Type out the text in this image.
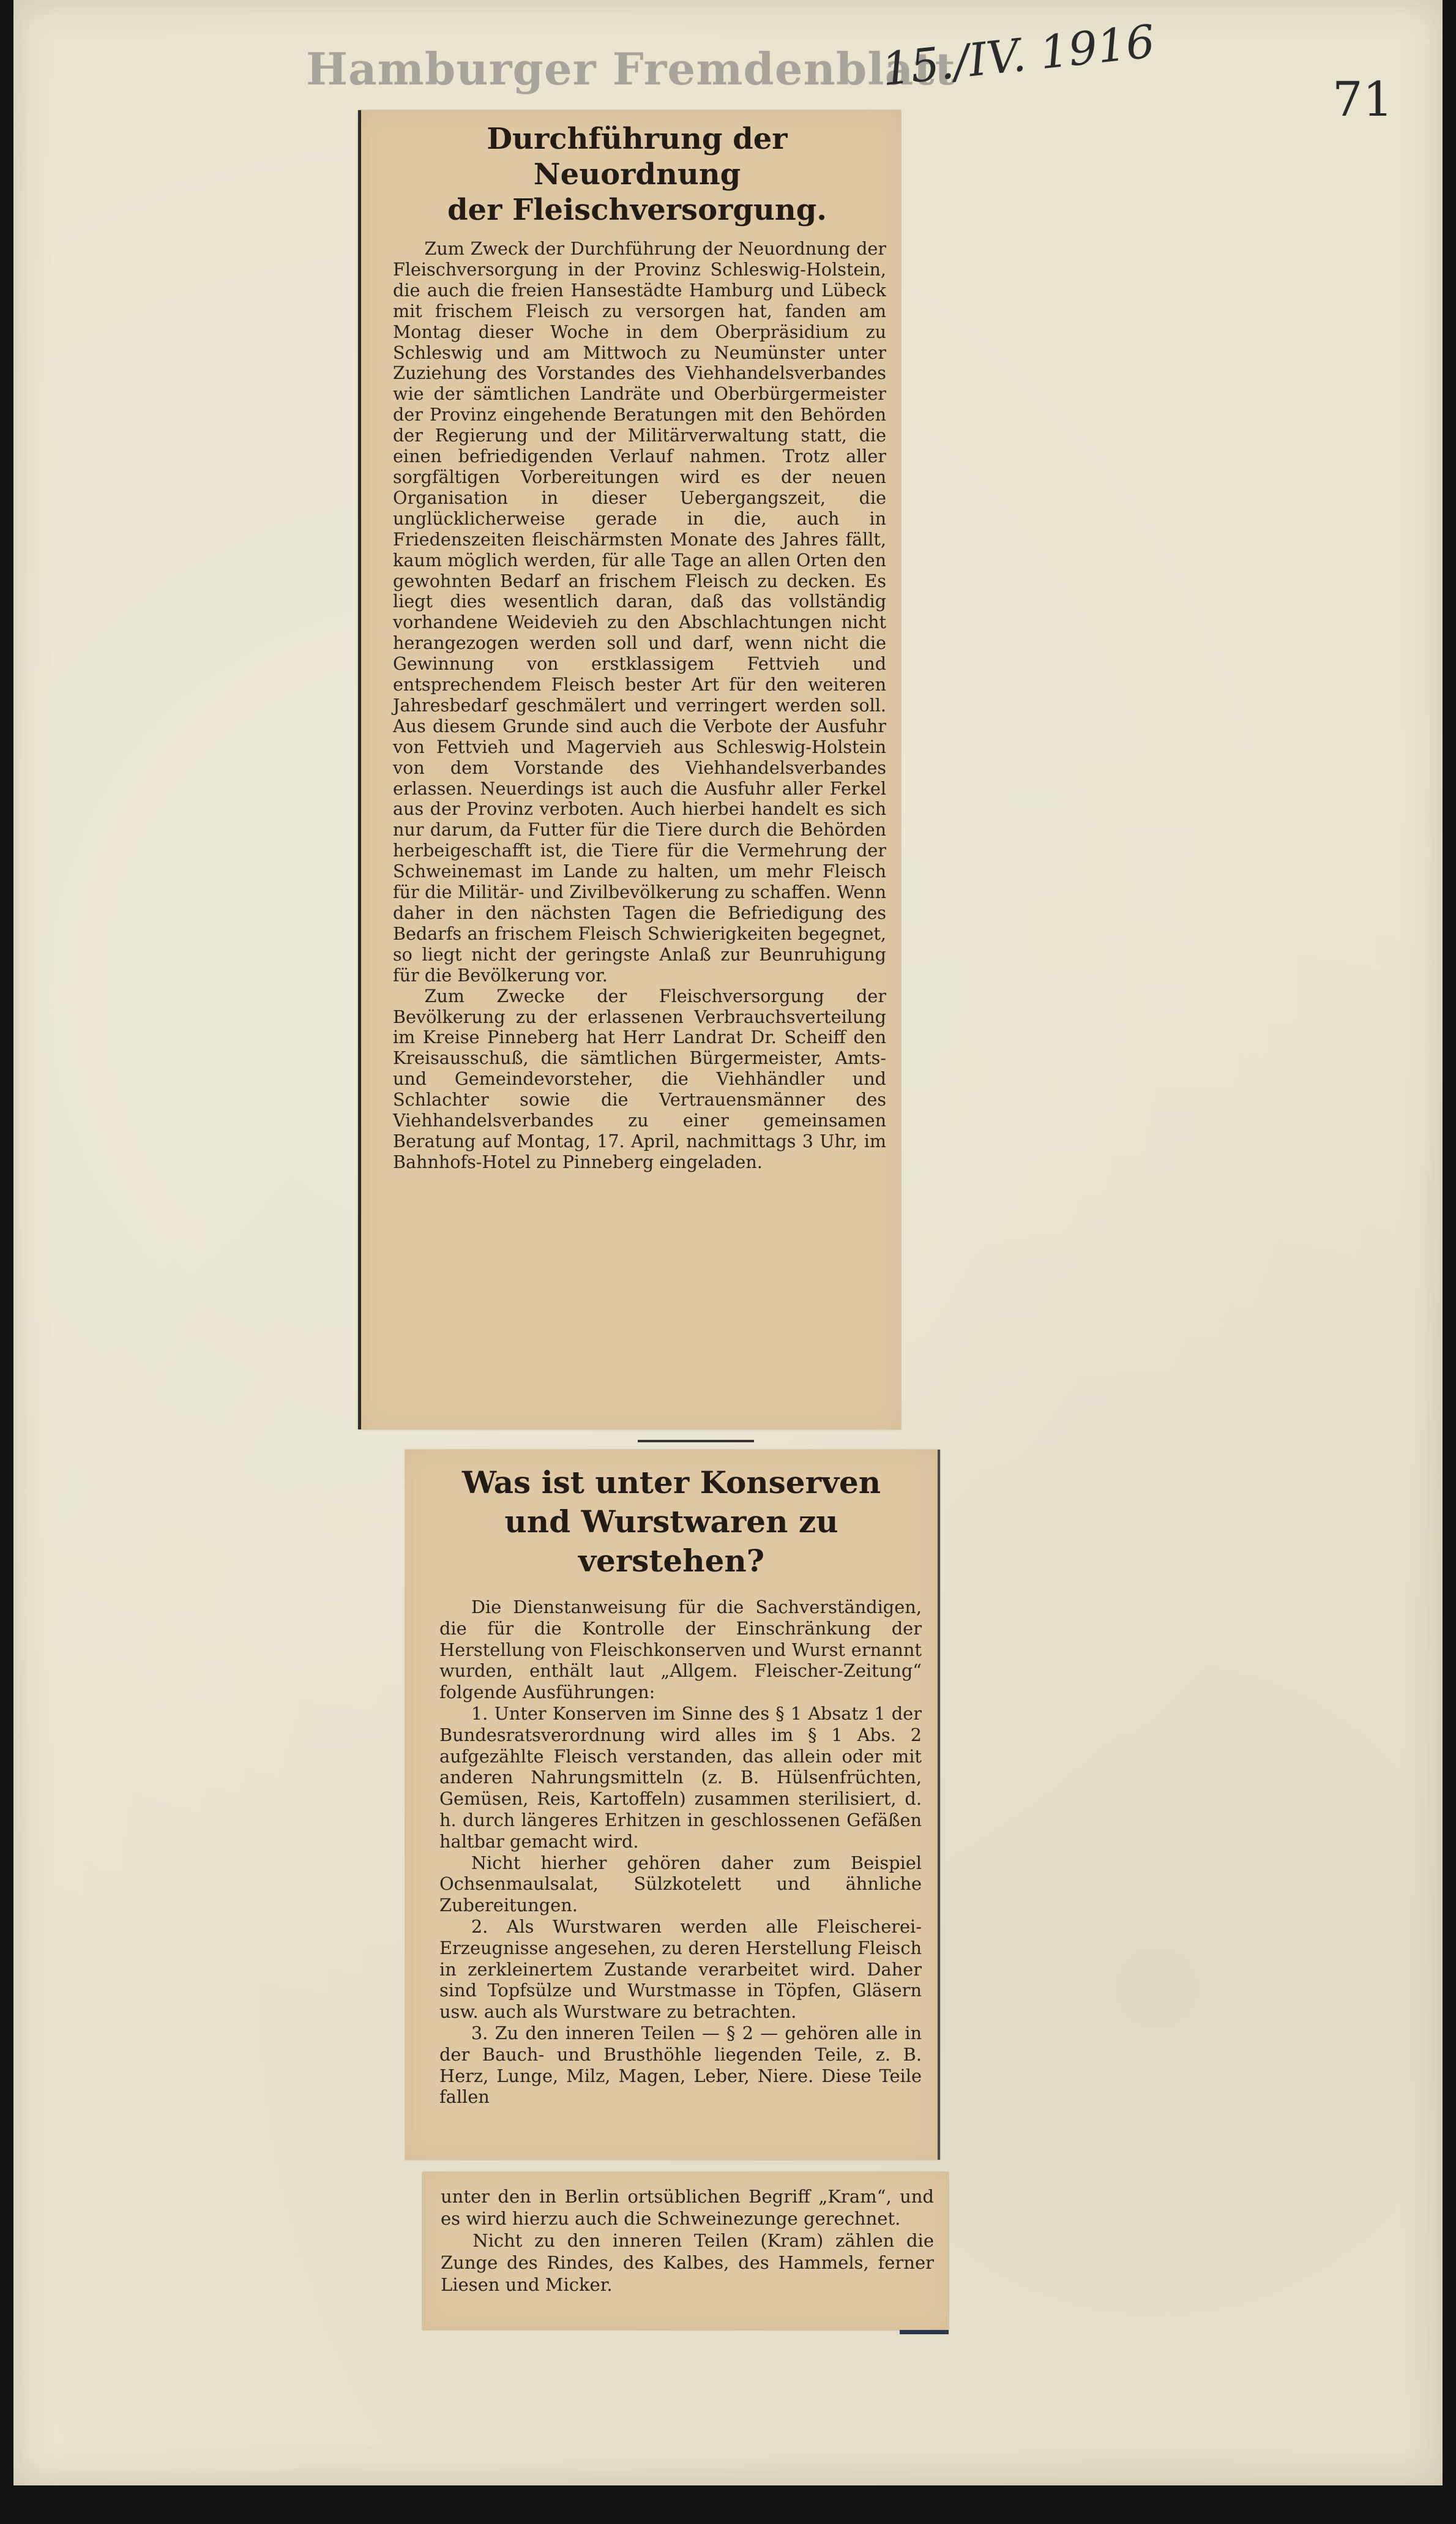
Hamburger Fremdenblatt
15./IV. 1916
71
Durchführung der Neuordnung
der Fleischversorgung.

Zum Zweck der Durchführung der Neuordnung der Fleischversorgung in der Provinz Schleswig-Holstein, die auch die freien Hansestädte Hamburg und Lübeck mit frischem Fleisch zu versorgen hat, fanden am Montag dieser Woche in dem Oberpräsidium zu Schleswig und am Mittwoch zu Neumünster unter Zuziehung des Vorstandes des Viehhandelsverbandes wie der sämtlichen Landräte und Oberbürgermeister der Provinz eingehende Beratungen mit den Behörden der Regierung und der Militärverwaltung statt, die einen befriedigenden Verlauf nahmen. Trotz aller sorgfältigen Vorbereitungen wird es der neuen Organisation in dieser Uebergangszeit, die unglücklicherweise gerade in die, auch in Friedenszeiten fleischärmsten Monate des Jahres fällt, kaum möglich werden, für alle Tage an allen Orten den gewohnten Bedarf an frischem Fleisch zu decken. Es liegt dies wesentlich daran, daß das vollständig vorhandene Weidevieh zu den Abschlachtungen nicht herangezogen werden soll und darf, wenn nicht die Gewinnung von erstklassigem Fettvieh und entsprechendem Fleisch bester Art für den weiteren Jahresbedarf geschmälert und verringert werden soll. Aus diesem Grunde sind auch die Verbote der Ausfuhr von Fettvieh und Magervieh aus Schleswig-Holstein von dem Vorstande des Viehhandelsverbandes erlassen. Neuerdings ist auch die Ausfuhr aller Ferkel aus der Provinz verboten. Auch hierbei handelt es sich nur darum, da Futter für die Tiere durch die Behörden herbeigeschafft ist, die Tiere für die Vermehrung der Schweinemast im Lande zu halten, um mehr Fleisch für die Militär- und Zivilbevölkerung zu schaffen. Wenn daher in den nächsten Tagen die Befriedigung des Bedarfs an frischem Fleisch Schwierigkeiten begegnet, so liegt nicht der geringste Anlaß zur Beunruhigung für die Bevölkerung vor.

Zum Zwecke der Fleischversorgung der Bevölkerung zu der erlassenen Verbrauchsverteilung im Kreise Pinneberg hat Herr Landrat Dr. Scheiff den Kreisausschuß, die sämtlichen Bürgermeister, Amts- und Gemeindevorsteher, die Viehhändler und Schlachter sowie die Vertrauensmänner des Viehhandelsverbandes zu einer gemeinsamen Beratung auf Montag, 17. April, nachmittags 3 Uhr, im Bahnhofs-Hotel zu Pinneberg eingeladen.

Was ist unter Konserven
und Wurstwaren zu verstehen?

Die Dienstanweisung für die Sachverständigen, die für die Kontrolle der Einschränkung der Herstellung von Fleischkonserven und Wurst ernannt wurden, enthält laut „Allgem. Fleischer-Zeitung“ folgende Ausführungen:

1. Unter Konserven im Sinne des § 1 Absatz 1 der Bundesratsverordnung wird alles im § 1 Abs. 2 aufgezählte Fleisch verstanden, das allein oder mit anderen Nahrungsmitteln (z. B. Hülsenfrüchten, Gemüsen, Reis, Kartoffeln) zusammen sterilisiert, d. h. durch längeres Erhitzen in geschlossenen Gefäßen haltbar gemacht wird.

Nicht hierher gehören daher zum Beispiel Ochsenmaulsalat, Sülzkotelett und ähnliche Zubereitungen.

2. Als Wurstwaren werden alle Fleischerei-Erzeugnisse angesehen, zu deren Herstellung Fleisch in zerkleinertem Zustande verarbeitet wird. Daher sind Topfsülze und Wurstmasse in Töpfen, Gläsern usw. auch als Wurstware zu betrachten.

3. Zu den inneren Teilen — § 2 — gehören alle in der Bauch- und Brusthöhle liegenden Teile, z. B. Herz, Lunge, Milz, Magen, Leber, Niere. Diese Teile fallen

unter den in Berlin ortsüblichen Begriff „Kram“, und es wird hierzu auch die Schweinezunge gerechnet.

Nicht zu den inneren Teilen (Kram) zählen die Zunge des Rindes, des Kalbes, des Hammels, ferner Liesen und Micker.
